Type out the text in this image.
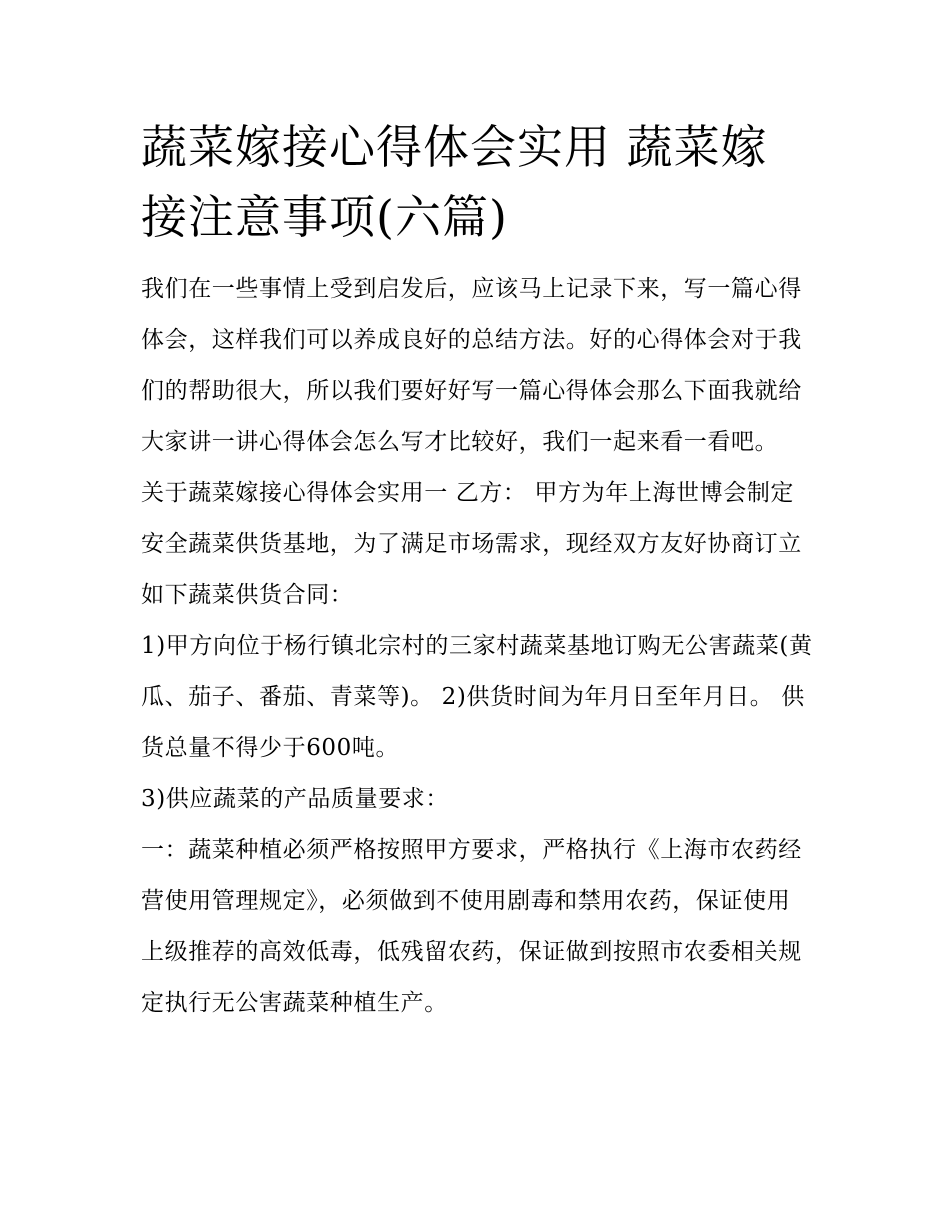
蔬菜嫁接心得体会实用 蔬菜嫁接注意事项(六篇)

我们在一些事情上受到启发后，应该马上记录下来，写一篇心得体会，这样我们可以养成良好的总结方法。好的心得体会对于我们的帮助很大，所以我们要好好写一篇心得体会那么下面我就给大家讲一讲心得体会怎么写才比较好，我们一起来看一看吧。

关于蔬菜嫁接心得体会实用一 乙方： 甲方为年上海世博会制定安全蔬菜供货基地，为了满足市场需求，现经双方友好协商订立如下蔬菜供货合同：

1)甲方向位于杨行镇北宗村的三家村蔬菜基地订购无公害蔬菜(黄瓜、茄子、番茄、青菜等)。 2)供货时间为年月日至年月日。 供货总量不得少于600吨。

3)供应蔬菜的产品质量要求：

一：蔬菜种植必须严格按照甲方要求，严格执行《上海市农药经营使用管理规定》，必须做到不使用剧毒和禁用农药，保证使用上级推荐的高效低毒，低残留农药，保证做到按照市农委相关规定执行无公害蔬菜种植生产。
